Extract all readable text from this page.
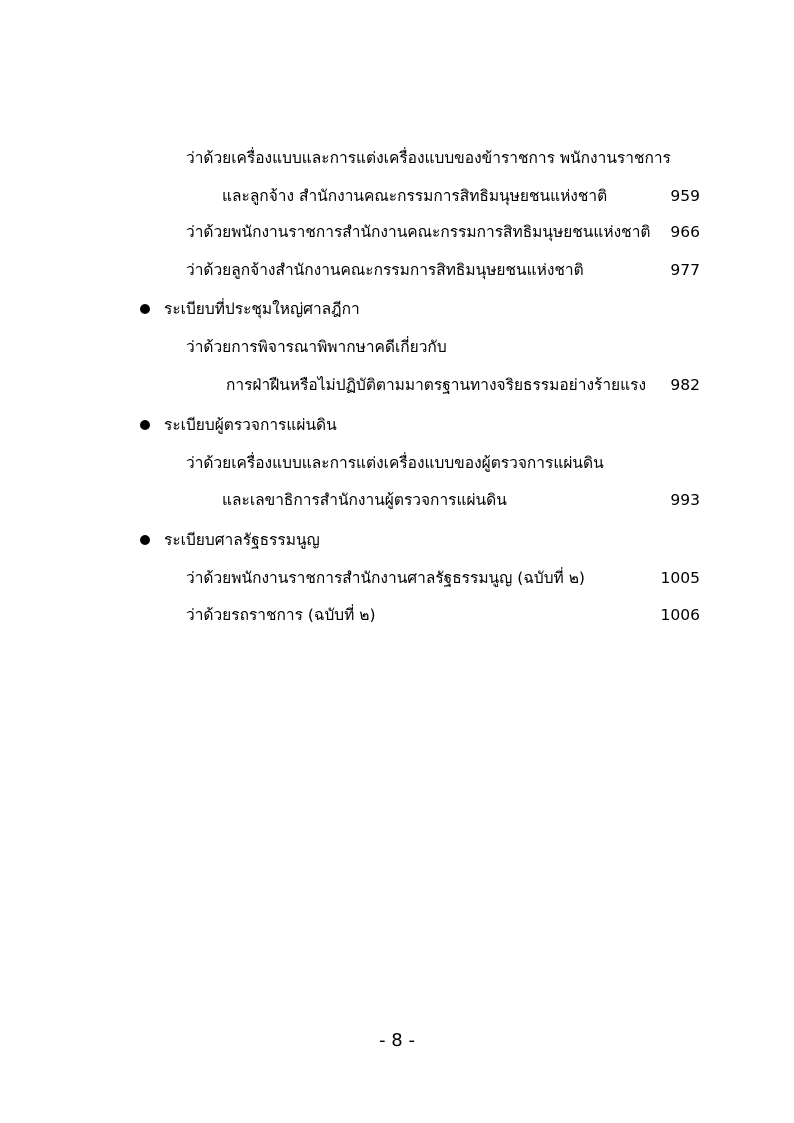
ว่าด้วยเครื่องแบบและการแต่งเครื่องแบบของข้าราชการ พนักงานราชการ
และลูกจ้าง สำนักงานคณะกรรมการสิทธิมนุษยชนแห่งชาติ	959
ว่าด้วยพนักงานราชการสำนักงานคณะกรรมการสิทธิมนุษยชนแห่งชาติ 966
ว่าด้วยลูกจ้างสำนักงานคณะกรรมการสิทธิมนุษยชนแห่งชาติ	977
ระเบียบที่ประชุมใหญ่ศาลฎีกา
ว่าด้วยการพิจารณาพิพากษาคดีเกี่ยวกับ
การฝ่าฝืนหรือไม่ปฏิบัติตามมาตรฐานทางจริยธรรมอย่างร้ายแรง 982
ระเบียบผู้ตรวจการแผ่นดิน
ว่าด้วยเครื่องแบบและการแต่งเครื่องแบบของผู้ตรวจการแผ่นดิน
และเลขาธิการสำนักงานผู้ตรวจการแผ่นดิน	993
ระเบียบศาลรัฐธรรมนูญ
ว่าด้วยพนักงานราชการสำนักงานศาลรัฐธรรมนูญ (ฉบับที่ ๒)	1005
ว่าด้วยรถราชการ (ฉบับที่ ๒)	1006
- 8 -
